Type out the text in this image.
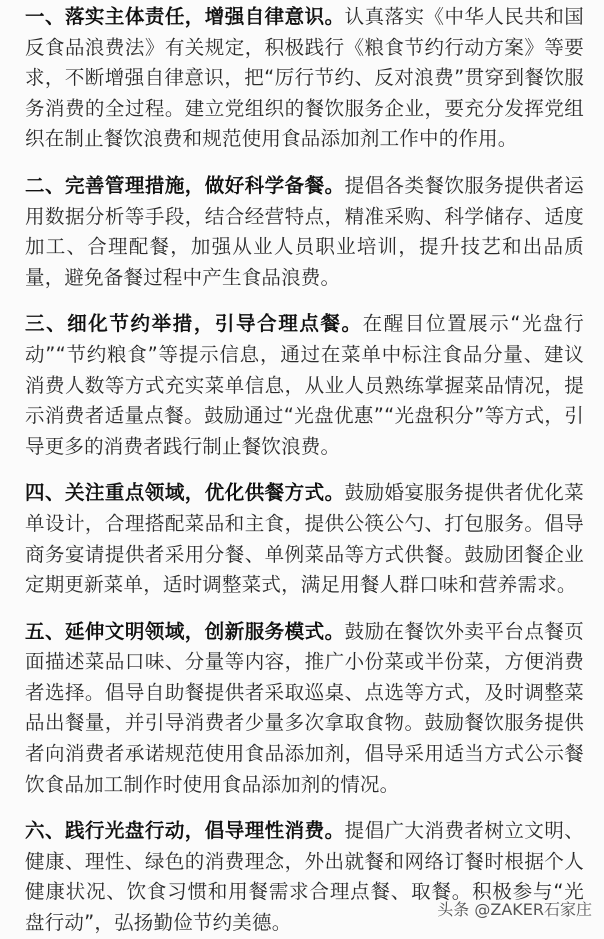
一、落实主体责任，增强自律意识。认真落实《中华人民共和国反食品浪费法》有关规定，积极践行《粮食节约行动方案》等要求，不断增强自律意识，把“厉行节约、反对浪费”贯穿到餐饮服务消费的全过程。建立党组织的餐饮服务企业，要充分发挥党组织在制止餐饮浪费和规范使用食品添加剂工作中的作用。

二、完善管理措施，做好科学备餐。提倡各类餐饮服务提供者运用数据分析等手段，结合经营特点，精准采购、科学储存、适度加工、合理配餐，加强从业人员职业培训，提升技艺和出品质量，避免备餐过程中产生食品浪费。

三、细化节约举措，引导合理点餐。在醒目位置展示“光盘行动”“节约粮食”等提示信息，通过在菜单中标注食品分量、建议消费人数等方式充实菜单信息，从业人员熟练掌握菜品情况，提示消费者适量点餐。鼓励通过“光盘优惠”“光盘积分”等方式，引导更多的消费者践行制止餐饮浪费。

四、关注重点领域，优化供餐方式。鼓励婚宴服务提供者优化菜单设计，合理搭配菜品和主食，提供公筷公勺、打包服务。倡导商务宴请提供者采用分餐、单例菜品等方式供餐。鼓励团餐企业定期更新菜单，适时调整菜式，满足用餐人群口味和营养需求。

五、延伸文明领域，创新服务模式。鼓励在餐饮外卖平台点餐页面描述菜品口味、分量等内容，推广小份菜或半份菜，方便消费者选择。倡导自助餐提供者采取巡桌、点选等方式，及时调整菜品出餐量，并引导消费者少量多次拿取食物。鼓励餐饮服务提供者向消费者承诺规范使用食品添加剂，倡导采用适当方式公示餐饮食品加工制作时使用食品添加剂的情况。

六、践行光盘行动，倡导理性消费。提倡广大消费者树立文明、健康、理性、绿色的消费理念，外出就餐和网络订餐时根据个人健康状况、饮食习惯和用餐需求合理点餐、取餐。积极参与“光盘行动”，弘扬勤俭节约美德。

头条 @ZAKER石家庄
